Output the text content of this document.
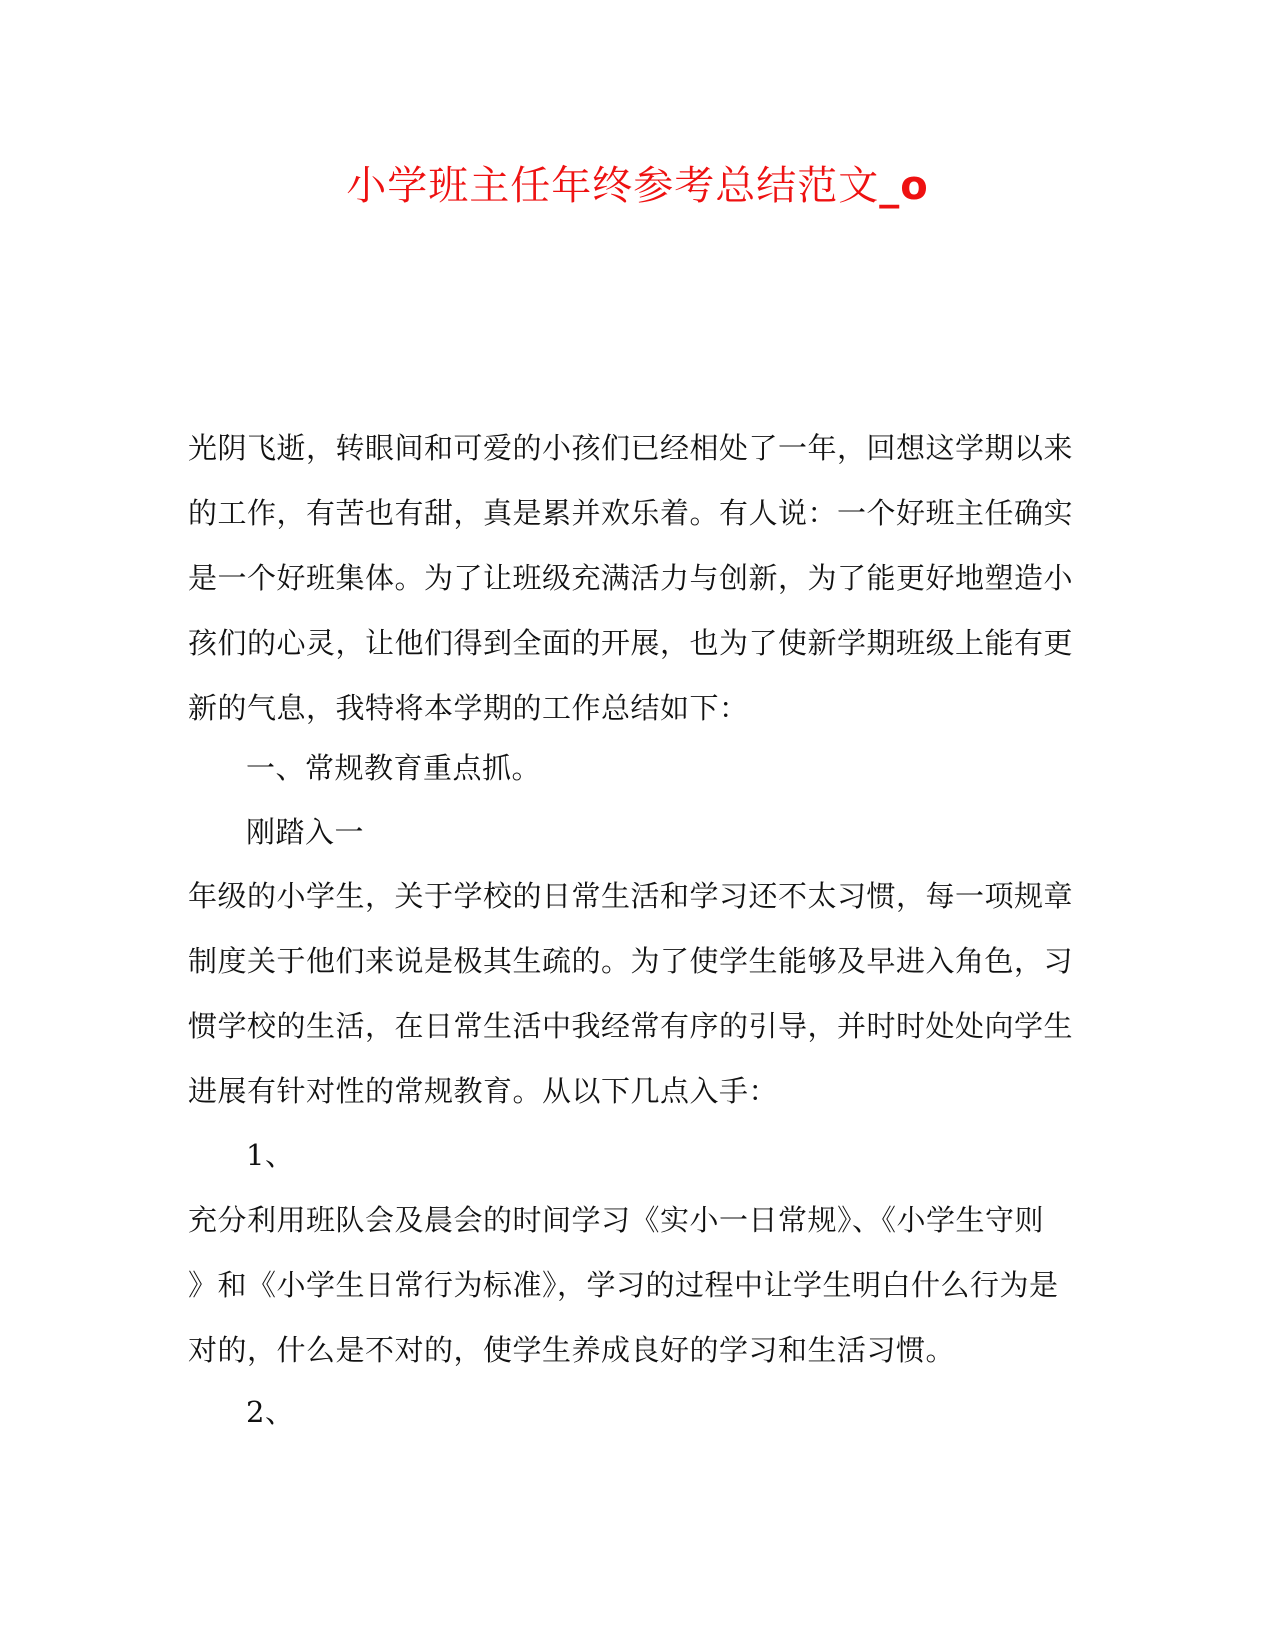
小学班主任年终参考总结范文_o
光阴飞逝，转眼间和可爱的小孩们已经相处了一年，回想这学期以来
的工作，有苦也有甜，真是累并欢乐着。有人说：一个好班主任确实
是一个好班集体。为了让班级充满活力与创新，为了能更好地塑造小
孩们的心灵，让他们得到全面的开展，也为了使新学期班级上能有更
新的气息，我特将本学期的工作总结如下：
一、常规教育重点抓。
刚踏入一
年级的小学生，关于学校的日常生活和学习还不太习惯，每一项规章
制度关于他们来说是极其生疏的。为了使学生能够及早进入角色，习
惯学校的生活，在日常生活中我经常有序的引导，并时时处处向学生
进展有针对性的常规教育。从以下几点入手：
1、
充分利用班队会及晨会的时间学习《实小一日常规》、《小学生守则
》和《小学生日常行为标准》，学习的过程中让学生明白什么行为是
对的，什么是不对的，使学生养成良好的学习和生活习惯。
2、
